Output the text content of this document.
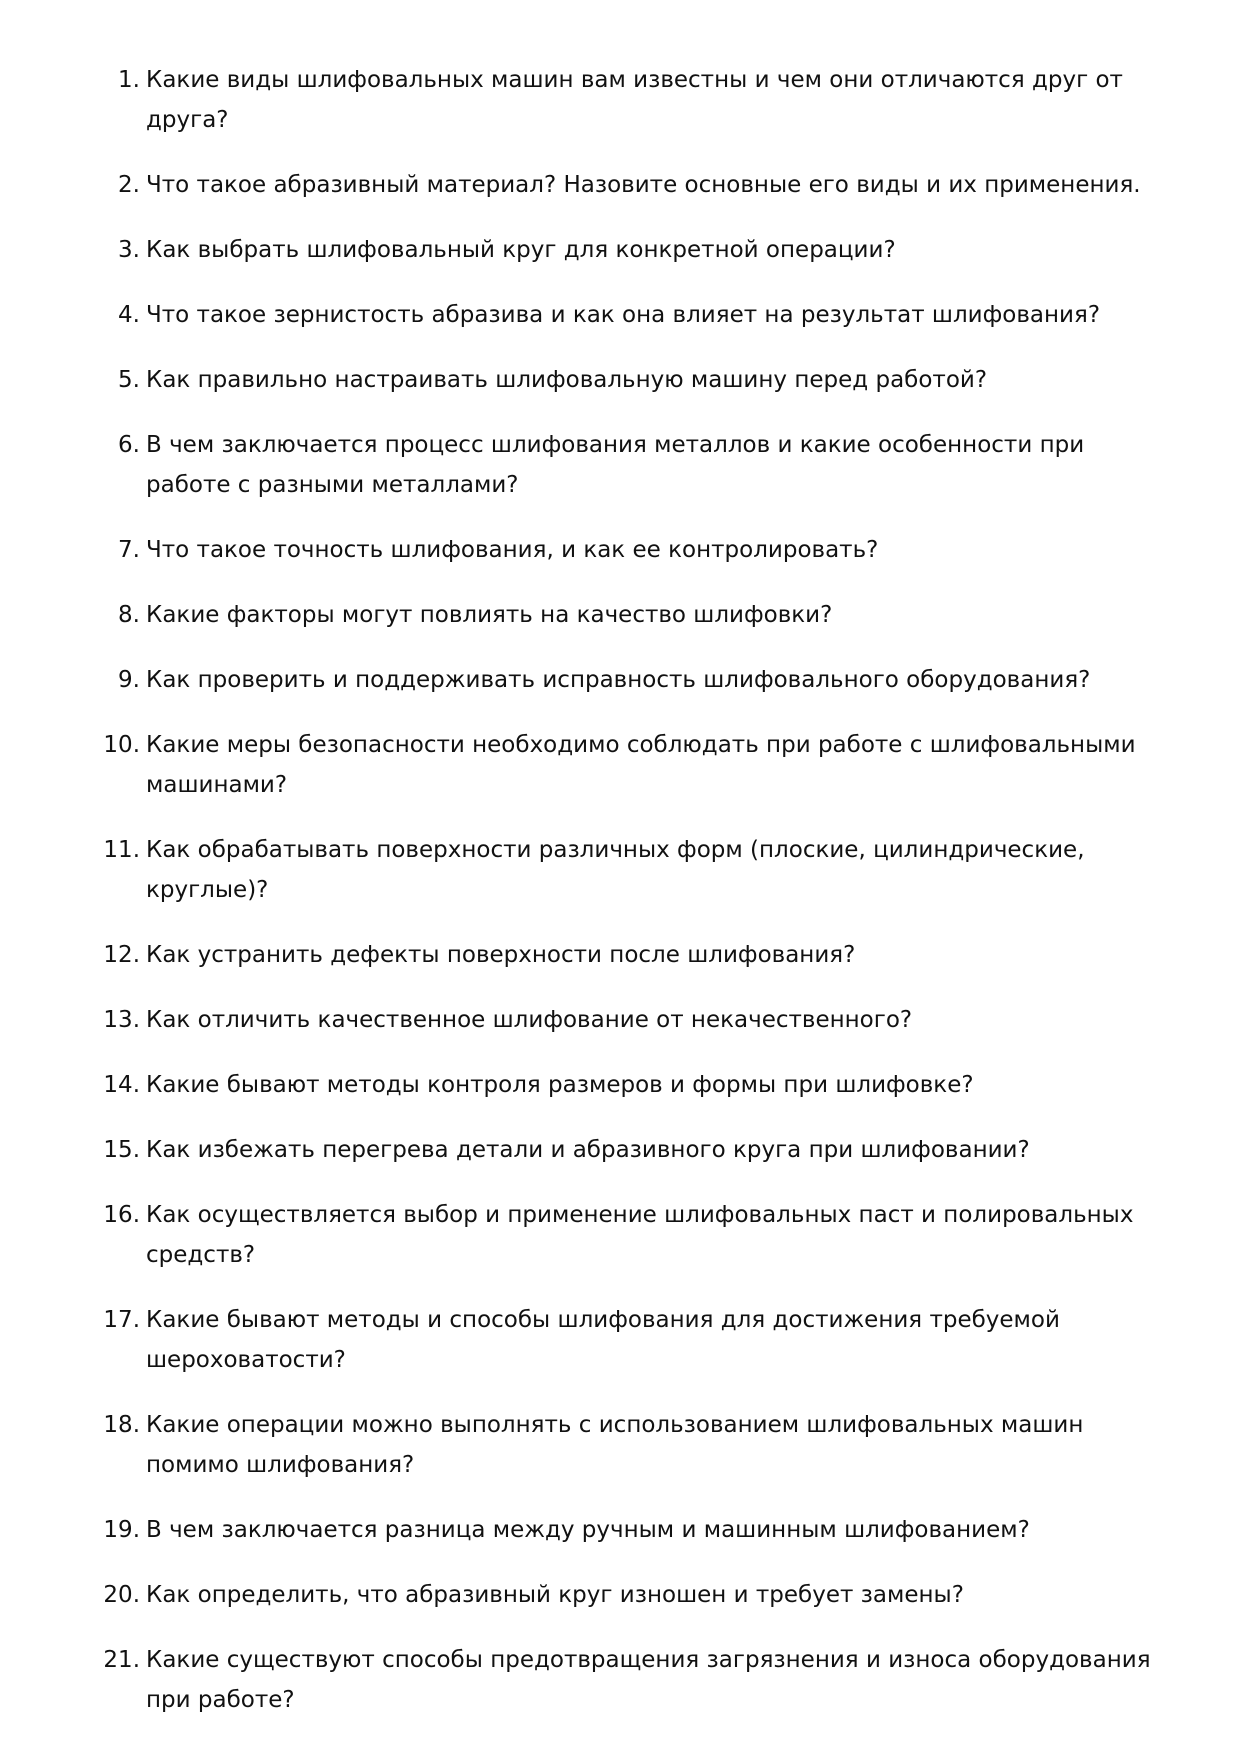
1. Какие виды шлифовальных машин вам известны и чем они отличаются друг от друга?
2. Что такое абразивный материал? Назовите основные его виды и их применения.
3. Как выбрать шлифовальный круг для конкретной операции?
4. Что такое зернистость абразива и как она влияет на результат шлифования?
5. Как правильно настраивать шлифовальную машину перед работой?
6. В чем заключается процесс шлифования металлов и какие особенности при работе с разными металлами?
7. Что такое точность шлифования, и как ее контролировать?
8. Какие факторы могут повлиять на качество шлифовки?
9. Как проверить и поддерживать исправность шлифовального оборудования?
10. Какие меры безопасности необходимо соблюдать при работе с шлифовальными машинами?
11. Как обрабатывать поверхности различных форм (плоские, цилиндрические, круглые)?
12. Как устранить дефекты поверхности после шлифования?
13. Как отличить качественное шлифование от некачественного?
14. Какие бывают методы контроля размеров и формы при шлифовке?
15. Как избежать перегрева детали и абразивного круга при шлифовании?
16. Как осуществляется выбор и применение шлифовальных паст и полировальных средств?
17. Какие бывают методы и способы шлифования для достижения требуемой шероховатости?
18. Какие операции можно выполнять с использованием шлифовальных машин помимо шлифования?
19. В чем заключается разница между ручным и машинным шлифованием?
20. Как определить, что абразивный круг изношен и требует замены?
21. Какие существуют способы предотвращения загрязнения и износа оборудования при работе?
